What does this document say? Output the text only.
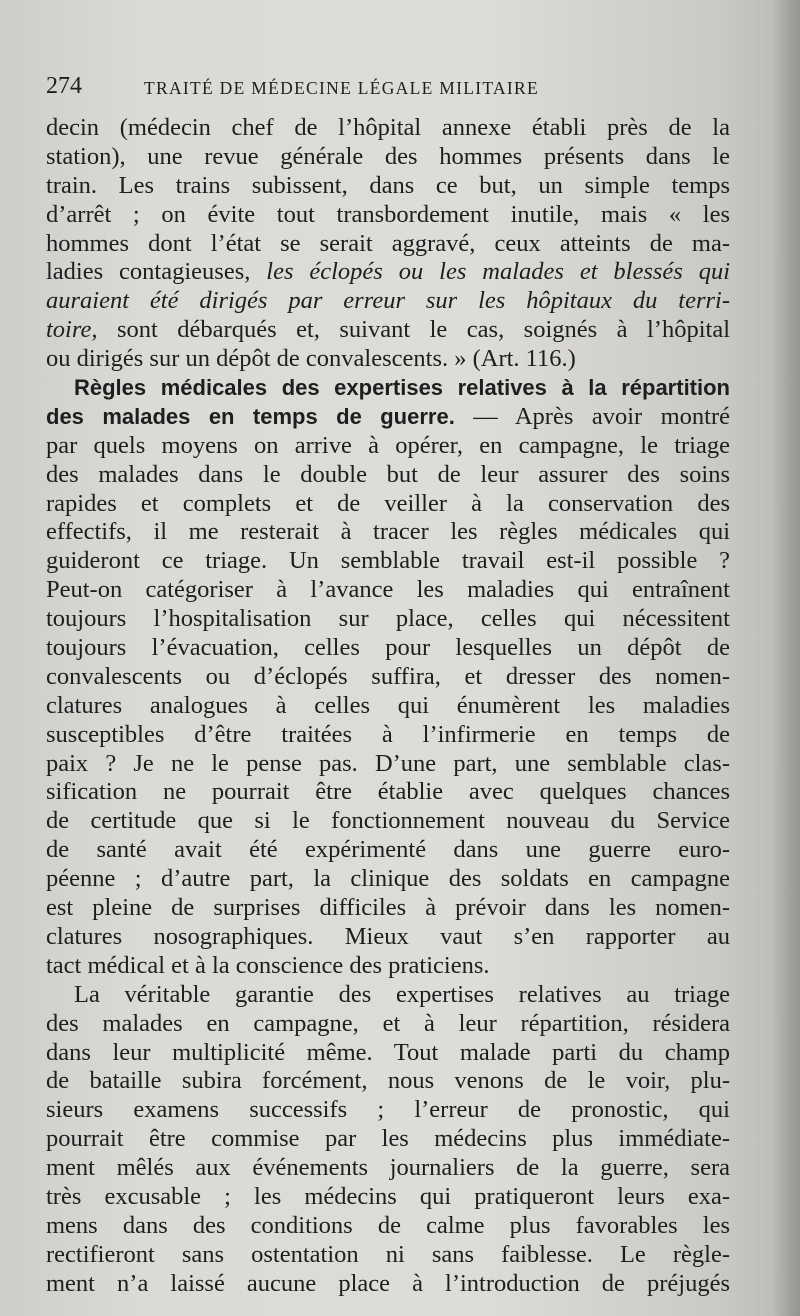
274	TRAITÉ DE MÉDECINE LÉGALE MILITAIRE
decin (médecin chef de l’hôpital annexe établi près de la
station), une revue générale des hommes présents dans le
train. Les trains subissent, dans ce but, un simple temps
d’arrêt ; on évite tout transbordement inutile, mais « les
hommes dont l’état se serait aggravé, ceux atteints de ma-
ladies contagieuses, les éclopés ou les malades et blessés qui
auraient été dirigés par erreur sur les hôpitaux du terri-
toire, sont débarqués et, suivant le cas, soignés à l’hôpital
ou dirigés sur un dépôt de convalescents. » (Art. 116.)
Règles médicales des expertises relatives à la répartition
des malades en temps de guerre. — Après avoir montré
par quels moyens on arrive à opérer, en campagne, le triage
des malades dans le double but de leur assurer des soins
rapides et complets et de veiller à la conservation des
effectifs, il me resterait à tracer les règles médicales qui
guideront ce triage. Un semblable travail est-il possible ?
Peut-on catégoriser à l’avance les maladies qui entraînent
toujours l’hospitalisation sur place, celles qui nécessitent
toujours l’évacuation, celles pour lesquelles un dépôt de
convalescents ou d’éclopés suffira, et dresser des nomen-
clatures analogues à celles qui énumèrent les maladies
susceptibles d’être traitées à l’infirmerie en temps de
paix ? Je ne le pense pas. D’une part, une semblable clas-
sification ne pourrait être établie avec quelques chances
de certitude que si le fonctionnement nouveau du Service
de santé avait été expérimenté dans une guerre euro-
péenne ; d’autre part, la clinique des soldats en campagne
est pleine de surprises difficiles à prévoir dans les nomen-
clatures nosographiques. Mieux vaut s’en rapporter au
tact médical et à la conscience des praticiens.
La véritable garantie des expertises relatives au triage
des malades en campagne, et à leur répartition, résidera
dans leur multiplicité même. Tout malade parti du champ
de bataille subira forcément, nous venons de le voir, plu-
sieurs examens successifs ; l’erreur de pronostic, qui
pourrait être commise par les médecins plus immédiate-
ment mêlés aux événements journaliers de la guerre, sera
très excusable ; les médecins qui pratiqueront leurs exa-
mens dans des conditions de calme plus favorables les
rectifieront sans ostentation ni sans faiblesse. Le règle-
ment n’a laissé aucune place à l’introduction de préjugés
